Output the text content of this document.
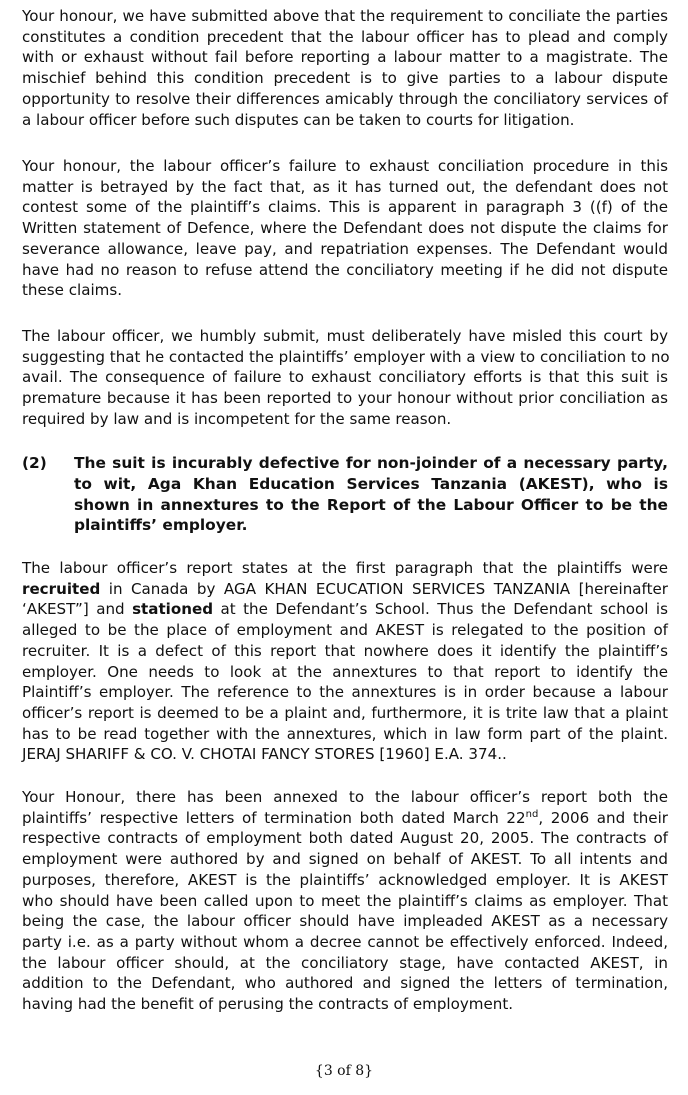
Your honour, we have submitted above that the requirement to conciliate the parties
constitutes a condition precedent that the labour officer has to plead and comply
with or exhaust without fail before reporting a labour matter to a magistrate. The
mischief behind this condition precedent is to give parties to a labour dispute
opportunity to resolve their differences amicably through the conciliatory services of
a labour officer before such disputes can be taken to courts for litigation.

Your honour, the labour officer’s failure to exhaust conciliation procedure in this
matter is betrayed by the fact that, as it has turned out, the defendant does not
contest some of the plaintiff’s claims. This is apparent in paragraph 3 ((f) of the
Written statement of Defence, where the Defendant does not dispute the claims for
severance allowance, leave pay, and repatriation expenses. The Defendant would
have had no reason to refuse attend the conciliatory meeting if he did not dispute
these claims.

The labour officer, we humbly submit, must deliberately have misled this court by
suggesting that he contacted the plaintiffs’ employer with a view to conciliation to no
avail. The consequence of failure to exhaust conciliatory efforts is that this suit is
premature because it has been reported to your honour without prior conciliation as
required by law and is incompetent for the same reason.

(2) The suit is incurably defective for non-joinder of a necessary party,
to wit, Aga Khan Education Services Tanzania (AKEST), who is
shown in annextures to the Report of the Labour Officer to be the
plaintiffs’ employer.

The labour officer’s report states at the first paragraph that the plaintiffs were
recruited in Canada by AGA KHAN ECUCATION SERVICES TANZANIA [hereinafter
‘AKEST”] and stationed at the Defendant’s School. Thus the Defendant school is
alleged to be the place of employment and AKEST is relegated to the position of
recruiter. It is a defect of this report that nowhere does it identify the plaintiff’s
employer. One needs to look at the annextures to that report to identify the
Plaintiff’s employer. The reference to the annextures is in order because a labour
officer’s report is deemed to be a plaint and, furthermore, it is trite law that a plaint
has to be read together with the annextures, which in law form part of the plaint.
JERAJ SHARIFF & CO. V. CHOTAI FANCY STORES [1960] E.A. 374..

Your Honour, there has been annexed to the labour officer’s report both the
plaintiffs’ respective letters of termination both dated March 22nd, 2006 and their
respective contracts of employment both dated August 20, 2005. The contracts of
employment were authored by and signed on behalf of AKEST. To all intents and
purposes, therefore, AKEST is the plaintiffs’ acknowledged employer. It is AKEST
who should have been called upon to meet the plaintiff’s claims as employer. That
being the case, the labour officer should have impleaded AKEST as a necessary
party i.e. as a party without whom a decree cannot be effectively enforced. Indeed,
the labour officer should, at the conciliatory stage, have contacted AKEST, in
addition to the Defendant, who authored and signed the letters of termination,
having had the benefit of perusing the contracts of employment.

{3 of 8}
